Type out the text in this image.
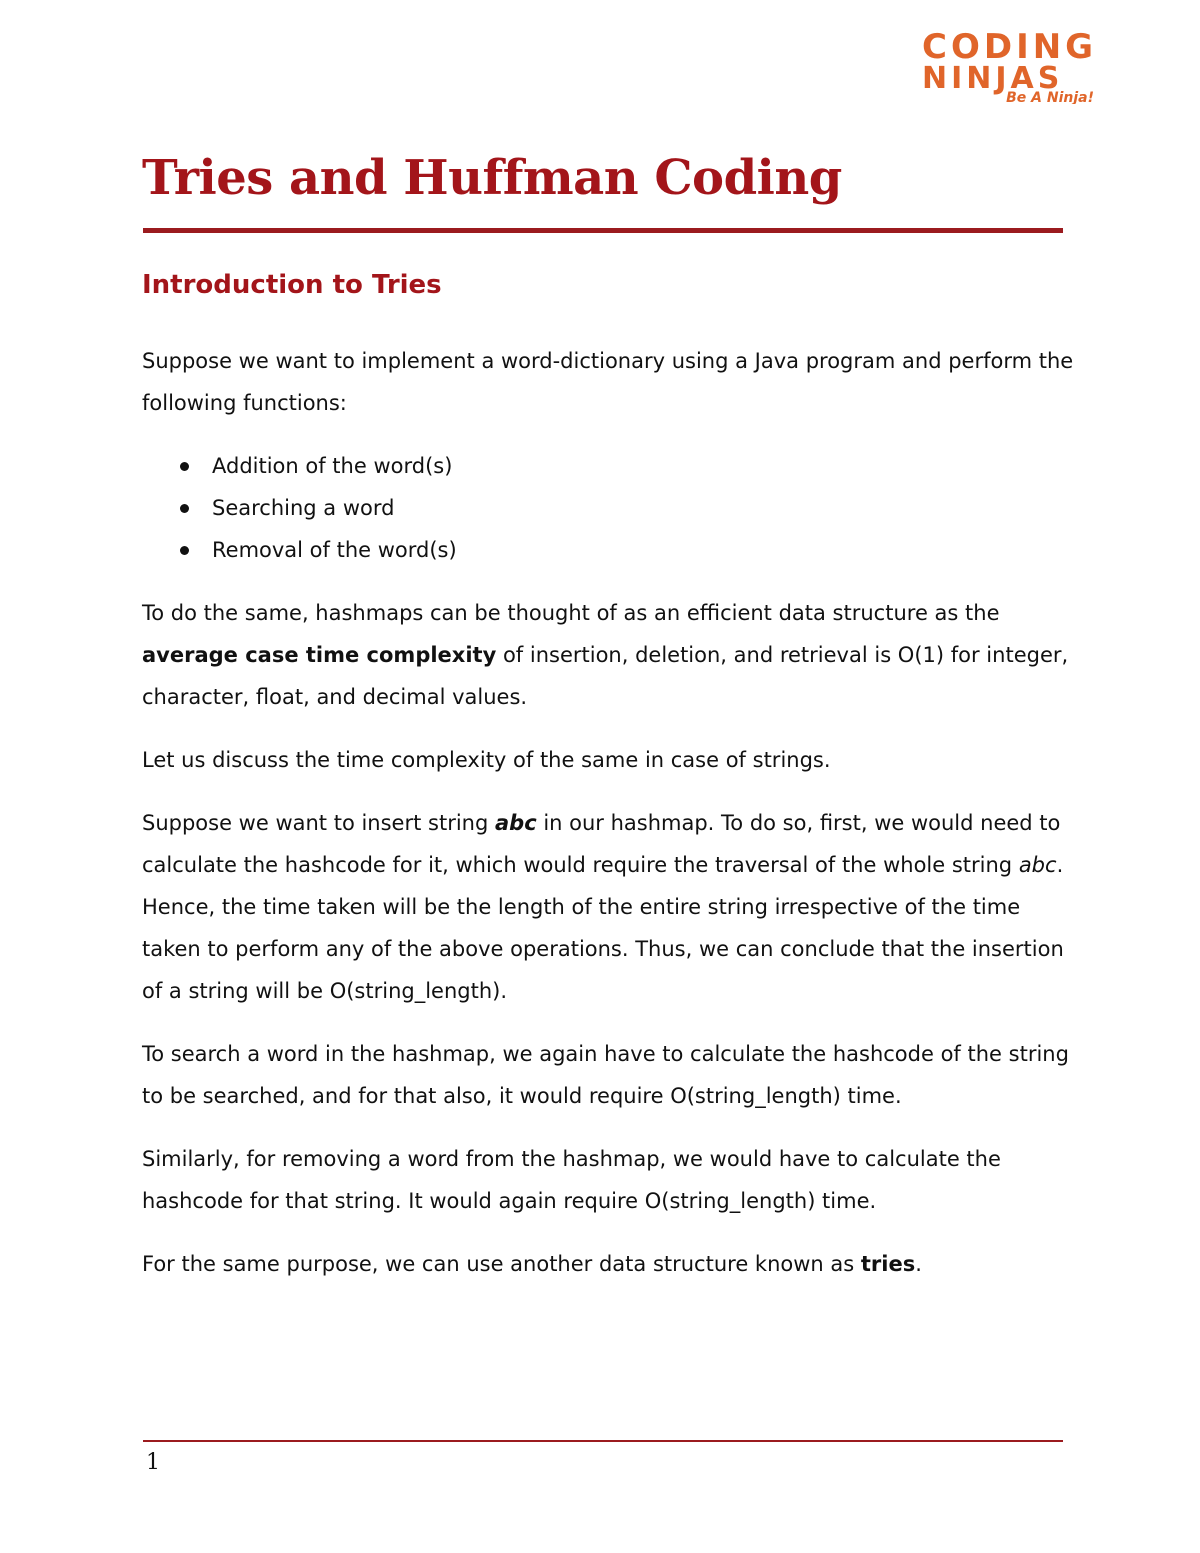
CODING
NINJAS
Be A Ninja!
Tries and Huffman Coding
Introduction to Tries

Suppose we want to implement a word-dictionary using a Java program and perform the following functions:

Addition of the word(s)
Searching a word
Removal of the word(s)

To do the same, hashmaps can be thought of as an efficient data structure as the average case time complexity of insertion, deletion, and retrieval is O(1) for integer, character, float, and decimal values.

Let us discuss the time complexity of the same in case of strings.

Suppose we want to insert string abc in our hashmap. To do so, first, we would need to calculate the hashcode for it, which would require the traversal of the whole string abc. Hence, the time taken will be the length of the entire string irrespective of the time taken to perform any of the above operations. Thus, we can conclude that the insertion of a string will be O(string_length).

To search a word in the hashmap, we again have to calculate the hashcode of the string to be searched, and for that also, it would require O(string_length) time.

Similarly, for removing a word from the hashmap, we would have to calculate the hashcode for that string. It would again require O(string_length) time.

For the same purpose, we can use another data structure known as tries.

1
